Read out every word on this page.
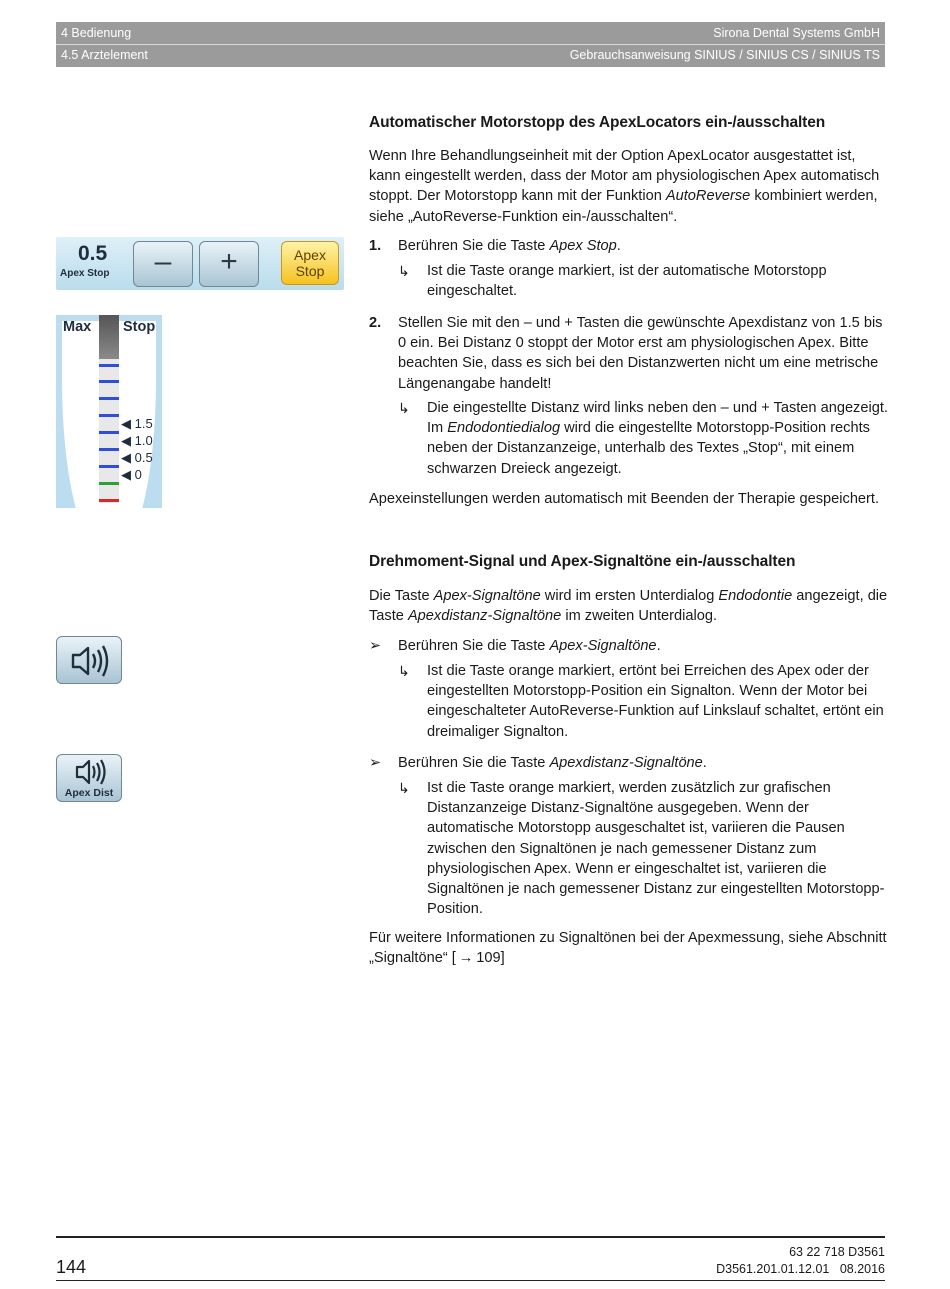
4 Bedienung	Sirona Dental Systems GmbH
4.5 Arztelement	Gebrauchsanweisung SINIUS / SINIUS CS / SINIUS TS
Automatischer Motorstopp des ApexLocators ein-/ausschalten

Wenn Ihre Behandlungseinheit mit der Option ApexLocator ausgestattet ist, kann eingestellt werden, dass der Motor am physiologischen Apex automatisch stoppt. Der Motorstopp kann mit der Funktion AutoReverse kombiniert werden, siehe „AutoReverse-Funktion ein-/ausschalten“.

1. Berühren Sie die Taste Apex Stop.
↳ Ist die Taste orange markiert, ist der automatische Motorstopp eingeschaltet.
2. Stellen Sie mit den – und + Tasten die gewünschte Apexdistanz von 1.5 bis 0 ein. Bei Distanz 0 stoppt der Motor erst am physiologischen Apex. Bitte beachten Sie, dass es sich bei den Distanzwerten nicht um eine metrische Längenangabe handelt!
↳ Die eingestellte Distanz wird links neben den – und + Tasten angezeigt. Im Endodontiedialog wird die eingestellte Motorstopp-Position rechts neben der Distanzanzeige, unterhalb des Textes „Stop“, mit einem schwarzen Dreieck angezeigt.
Apexeinstellungen werden automatisch mit Beenden der Therapie gespeichert.
Drehmoment-Signal und Apex-Signaltöne ein-/ausschalten

Die Taste Apex-Signaltöne wird im ersten Unterdialog Endodontie angezeigt, die Taste Apexdistanz-Signaltöne im zweiten Unterdialog.

➢ Berühren Sie die Taste Apex-Signaltöne.
↳ Ist die Taste orange markiert, ertönt bei Erreichen des Apex oder der eingestellten Motorstopp-Position ein Signalton. Wenn der Motor bei eingeschalteter AutoReverse-Funktion auf Linkslauf schaltet, ertönt ein dreimaliger Signalton.
➢ Berühren Sie die Taste Apexdistanz-Signaltöne.
↳ Ist die Taste orange markiert, werden zusätzlich zur grafischen Distanzanzeige Distanz-Signaltöne ausgegeben. Wenn der automatische Motorstopp ausgeschaltet ist, variieren die Pausen zwischen den Signaltönen je nach gemessener Distanz zum physiologischen Apex. Wenn er eingeschaltet ist, variieren die Signaltönen je nach gemessener Distanz zur eingestellten Motorstopp-Position.
Für weitere Informationen zu Signaltönen bei der Apexmessung, siehe Abschnitt „Signaltöne“ [ → 109]
0.5
Apex Stop	–	+	Apex
Stop
Max Stop
◀ 1.5
◀ 1.0
◀ 0.5
◀ 0
Apex Dist
144
63 22 718 D3561
D3561.201.01.12.01 08.2016
